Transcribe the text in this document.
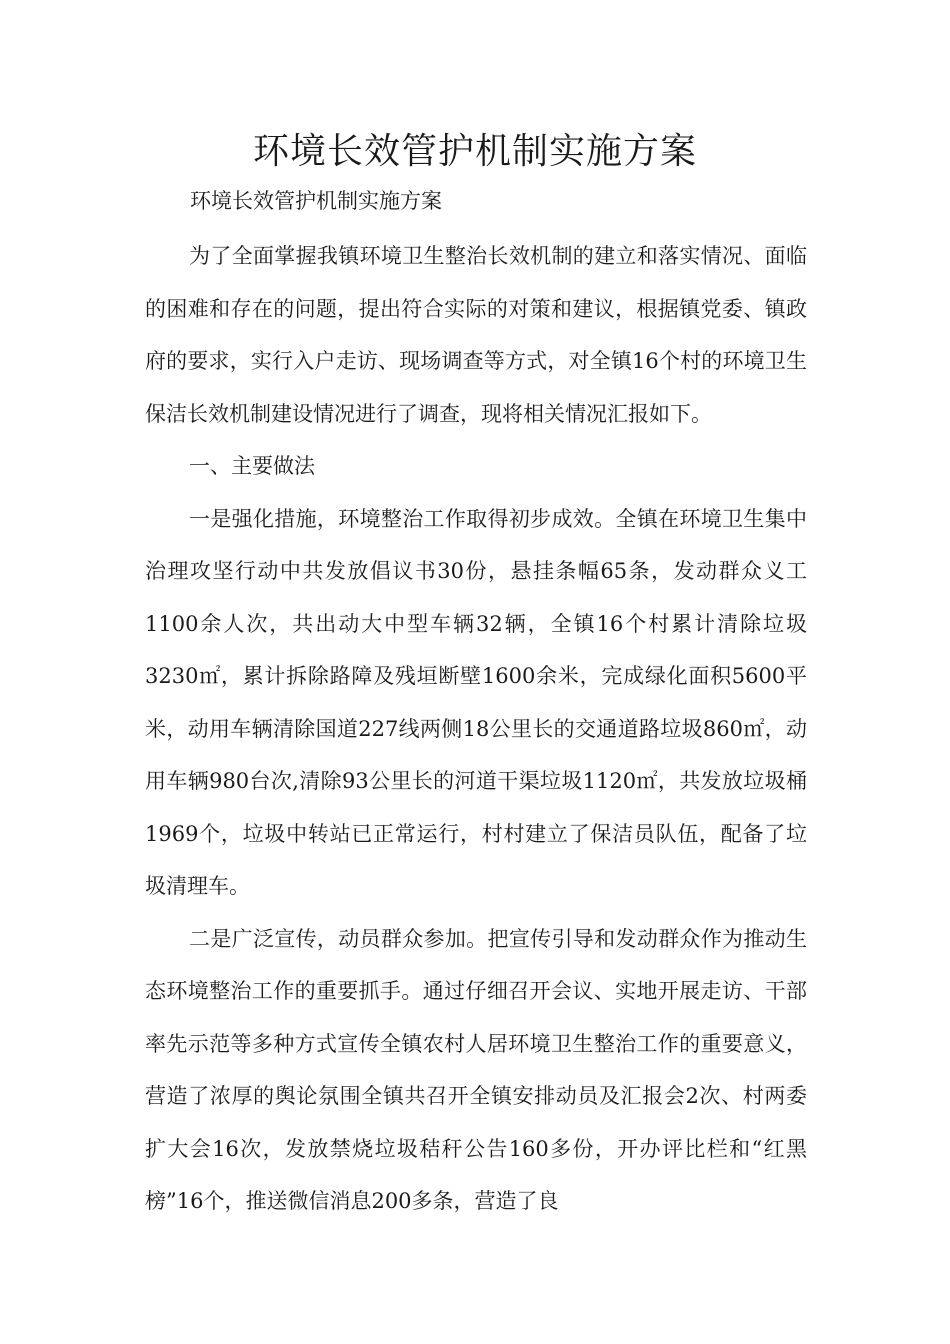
环境长效管护机制实施方案

环境长效管护机制实施方案

为了全面掌握我镇环境卫生整治长效机制的建立和落实情况、面临的困难和存在的问题，提出符合实际的对策和建议，根据镇党委、镇政府的要求，实行入户走访、现场调查等方式，对全镇16个村的环境卫生保洁长效机制建设情况进行了调查，现将相关情况汇报如下。

一、主要做法

一是强化措施，环境整治工作取得初步成效。全镇在环境卫生集中治理攻坚行动中共发放倡议书30份，悬挂条幅65条，发动群众义工1100余人次，共出动大中型车辆32辆，全镇16个村累计清除垃圾3230㎡，累计拆除路障及残垣断壁1600余米，完成绿化面积5600平米，动用车辆清除国道227线两侧18公里长的交通道路垃圾860㎡，动用车辆980台次,清除93公里长的河道干渠垃圾1120㎡，共发放垃圾桶1969个，垃圾中转站已正常运行，村村建立了保洁员队伍，配备了垃圾清理车。

二是广泛宣传，动员群众参加。把宣传引导和发动群众作为推动生态环境整治工作的重要抓手。通过仔细召开会议、实地开展走访、干部率先示范等多种方式宣传全镇农村人居环境卫生整治工作的重要意义，营造了浓厚的舆论氛围全镇共召开全镇安排动员及汇报会2次、村两委扩大会16次，发放禁烧垃圾秸秆公告160多份，开办评比栏和“红黑榜”16个，推送微信消息200多条，营造了良
